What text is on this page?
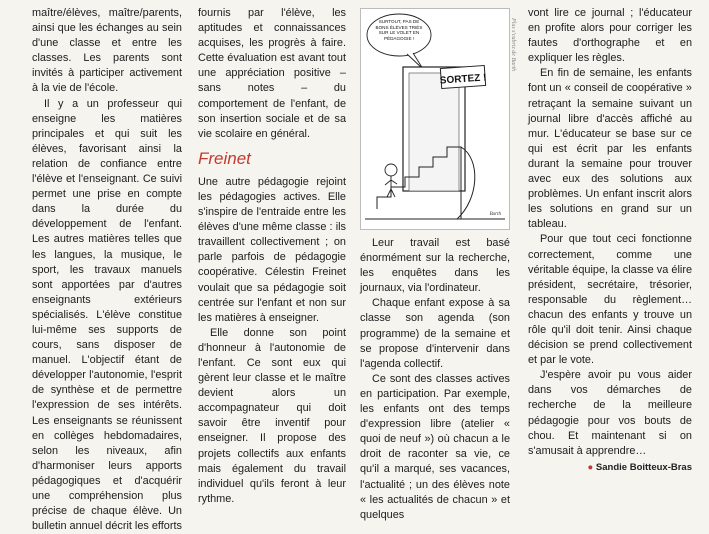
maître/élèves, maître/parents, ainsi que les échanges au sein d'une classe et entre les classes. Les parents sont invités à participer activement à la vie de l'école.

Il y a un professeur qui enseigne les matières principales et qui suit les élèves, favorisant ainsi la relation de confiance entre l'élève et l'enseignant. Ce suivi permet une prise en compte dans la durée du développement de l'enfant. Les autres matières telles que les langues, la musique, le sport, les travaux manuels sont apportées par d'autres enseignants extérieurs spécialisés. L'élève constitue lui-même ses supports de cours, sans disposer de manuel. L'objectif étant de développer l'autonomie, l'esprit de synthèse et de permettre l'expression de ses intérêts. Les enseignants se réunissent en collèges hebdomadaires, selon les niveaux, afin d'harmoniser leurs apports pédagogiques et d'acquérir une compréhension plus précise de chaque élève. Un bulletin annuel décrit les efforts

fournis par l'élève, les aptitudes et connaissances acquises, les progrès à faire. Cette évaluation est avant tout une appréciation positive – sans notes – du comportement de l'enfant, de son insertion sociale et de sa vie scolaire en général.

Freinet

Une autre pédagogie rejoint les pédagogies actives. Elle s'inspire de l'entraide entre les élèves d'une même classe : ils travaillent collectivement ; on parle parfois de pédagogie coopérative. Célestin Freinet voulait que sa pédagogie soit centrée sur l'enfant et non sur les matières à enseigner.

Elle donne son point d'honneur à l'autonomie de l'enfant. Ce sont eux qui gèrent leur classe et le maître devient alors un accompagnateur qui doit savoir être inventif pour enseigner. Il propose des projets collectifs aux enfants mais également du travail individuel qu'ils feront à leur rythme.

SURTOUT, PAS DE BONS ÉLÈVES TRIÉS SUR LE VOLET EN PÉDAGOGIE !
SORTEZ !
Barth
Plus s'cabriz de Barth

Leur travail est basé énormément sur la recherche, les enquêtes dans les journaux, via l'ordinateur.

Chaque enfant expose à sa classe son agenda (son programme) de la semaine et se propose d'intervenir dans l'agenda collectif.

Ce sont des classes actives en participation. Par exemple, les enfants ont des temps d'expression libre (atelier « quoi de neuf ») où chacun a le droit de raconter sa vie, ce qu'il a marqué, ses vacances, l'actualité ; un des élèves note « les actualités de chacun » et quelques

vont lire ce journal ; l'éducateur en profite alors pour corriger les fautes d'orthographe et en expliquer les règles.

En fin de semaine, les enfants font un « conseil de coopérative » retraçant la semaine suivant un journal libre d'accès affiché au mur. L'éducateur se base sur ce qui est écrit par les enfants durant la semaine pour trouver avec eux des solutions aux problèmes. Un enfant inscrit alors les solutions en grand sur un tableau.

Pour que tout ceci fonctionne correctement, comme une véritable équipe, la classe va élire président, secrétaire, trésorier, responsable du règlement… chacun des enfants y trouve un rôle qu'il doit tenir. Ainsi chaque décision se prend collectivement et par le vote.

J'espère avoir pu vous aider dans vos démarches de recherche de la meilleure pédagogie pour vos bouts de chou. Et maintenant si on s'amusait à apprendre…

● Sandie Boitteux-Bras
